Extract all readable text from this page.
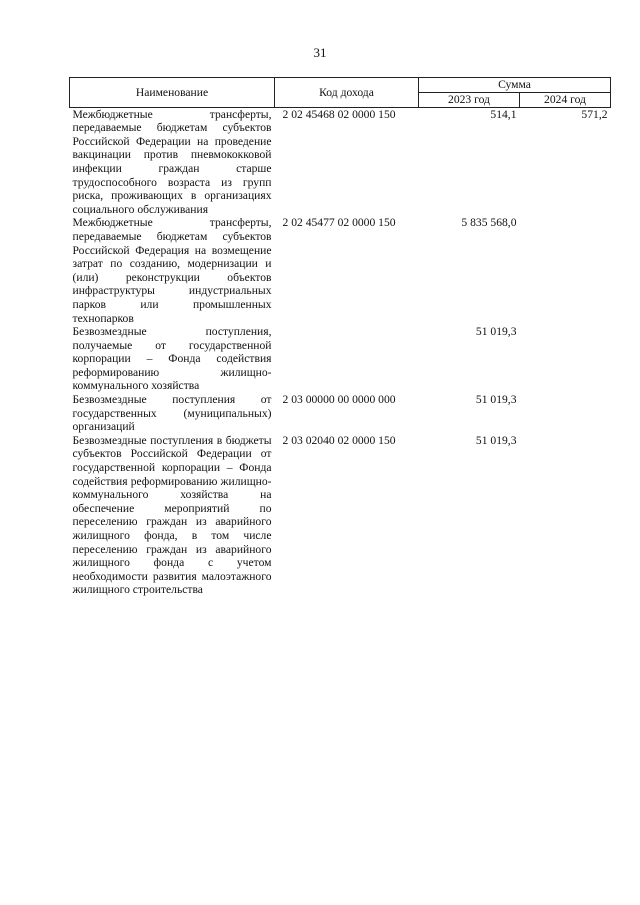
31
Наименование	Код дохода	Сумма	
		2023 год	2024 год
Межбюджетные трансферты, передаваемые бюджетам субъектов Российской Федерации на проведение вакцинации против пневмококковой инфекции граждан старше трудоспособного возраста из групп риска, проживающих в организациях социального обслуживания	2 02 45468 02 0000 150	514,1	571,2
Межбюджетные трансферты, передаваемые бюджетам субъектов Российской Федерация на возмещение затрат по созданию, модернизации и (или) реконструкции объектов инфраструктуры индустриальных парков или промышленных технопарков	2 02 45477 02 0000 150	5 835 568,0	
Безвозмездные поступления, получаемые от государственной корпорации – Фонда содействия реформированию жилищно-коммунального хозяйства		51 019,3	
Безвозмездные поступления от государственных (муниципальных) организаций	2 03 00000 00 0000 000	51 019,3	
Безвозмездные поступления в бюджеты субъектов Российской Федерации от государственной корпорации – Фонда содействия реформированию жилищно-коммунального хозяйства на обеспечение мероприятий по переселению граждан из аварийного жилищного фонда, в том числе переселению граждан из аварийного жилищного фонда с учетом необходимости развития малоэтажного жилищного строительства	2 03 02040 02 0000 150	51 019,3	
